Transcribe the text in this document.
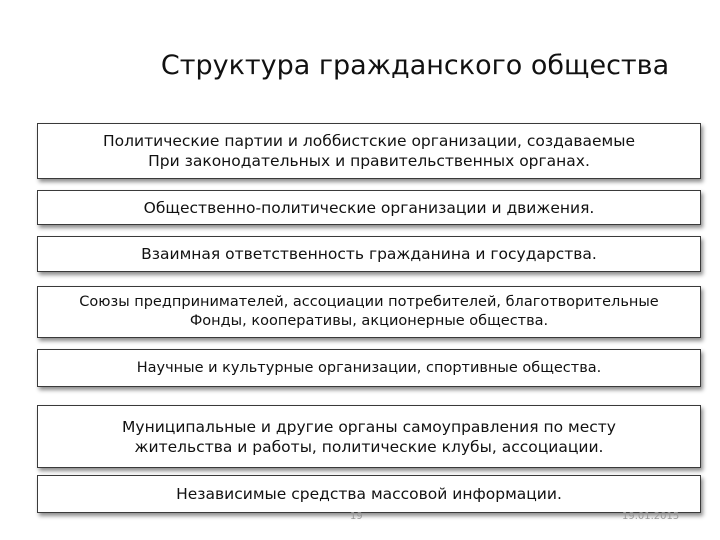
Структура гражданского общества
Политические партии и лоббистские организации, создаваемые
При законодательных и правительственных органах.
Общественно-политические организации и движения.
Взаимная ответственность гражданина и государства.
Союзы предпринимателей, ассоциации потребителей, благотворительные
Фонды, кооперативы, акционерные общества.
Научные и культурные организации, спортивные общества.
Муниципальные и другие органы самоуправления по месту
жительства и работы, политические клубы, ассоциации.
Независимые средства массовой информации.
19	19.01.2015
